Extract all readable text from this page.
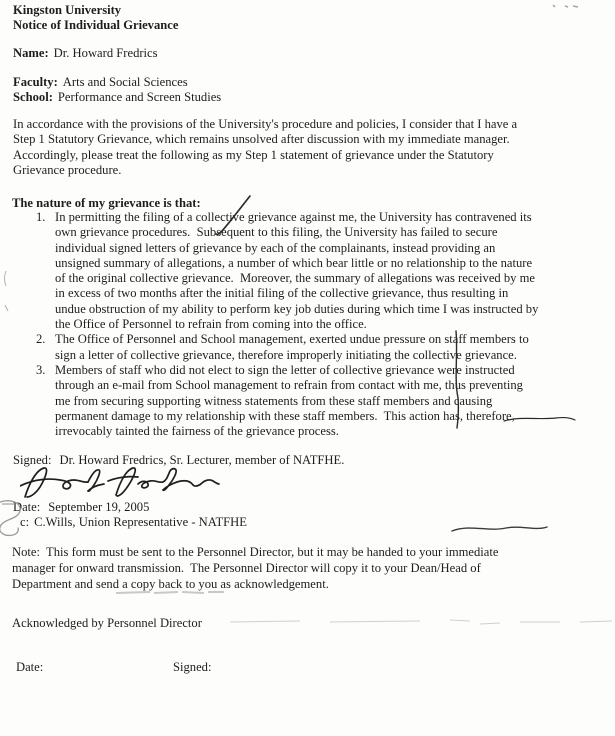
Kingston University
Notice of Individual Grievance
Name: Dr. Howard Fredrics
Faculty: Arts and Social Sciences
School: Performance and Screen Studies
In accordance with the provisions of the University's procedure and policies, I consider that I have a
Step 1 Statutory Grievance, which remains unsolved after discussion with my immediate manager.
Accordingly, please treat the following as my Step 1 statement of grievance under the Statutory
Grievance procedure.
The nature of my grievance is that:
1. In permitting the filing of a collective grievance against me, the University has contravened its
own grievance procedures.  Subsequent to this filing, the University has failed to secure
individual signed letters of grievance by each of the complainants, instead providing an
unsigned summary of allegations, a number of which bear little or no relationship to the nature
of the original collective grievance.  Moreover, the summary of allegations was received by me
in excess of two months after the initial filing of the collective grievance, thus resulting in
undue obstruction of my ability to perform key job duties during which time I was instructed by
the Office of Personnel to refrain from coming into the office.
2. The Office of Personnel and School management, exerted undue pressure on staff members to
sign a letter of collective grievance, therefore improperly initiating the collective grievance.
3. Members of staff who did not elect to sign the letter of collective grievance were instructed
through an e-mail from School management to refrain from contact with me, thus preventing
me from securing supporting witness statements from these staff members and causing
permanent damage to my relationship with these staff members.  This action has, therefore,
irrevocably tainted the fairness of the grievance process.
Signed: Dr. Howard Fredrics, Sr. Lecturer, member of NATFHE.
Date: September 19, 2005
c: C.Wills, Union Representative - NATFHE
Note:  This form must be sent to the Personnel Director, but it may be handed to your immediate
manager for onward transmission.  The Personnel Director will copy it to your Dean/Head of
Department and send a copy back to you as acknowledgement.
Acknowledged by Personnel Director
Date:	Signed:
